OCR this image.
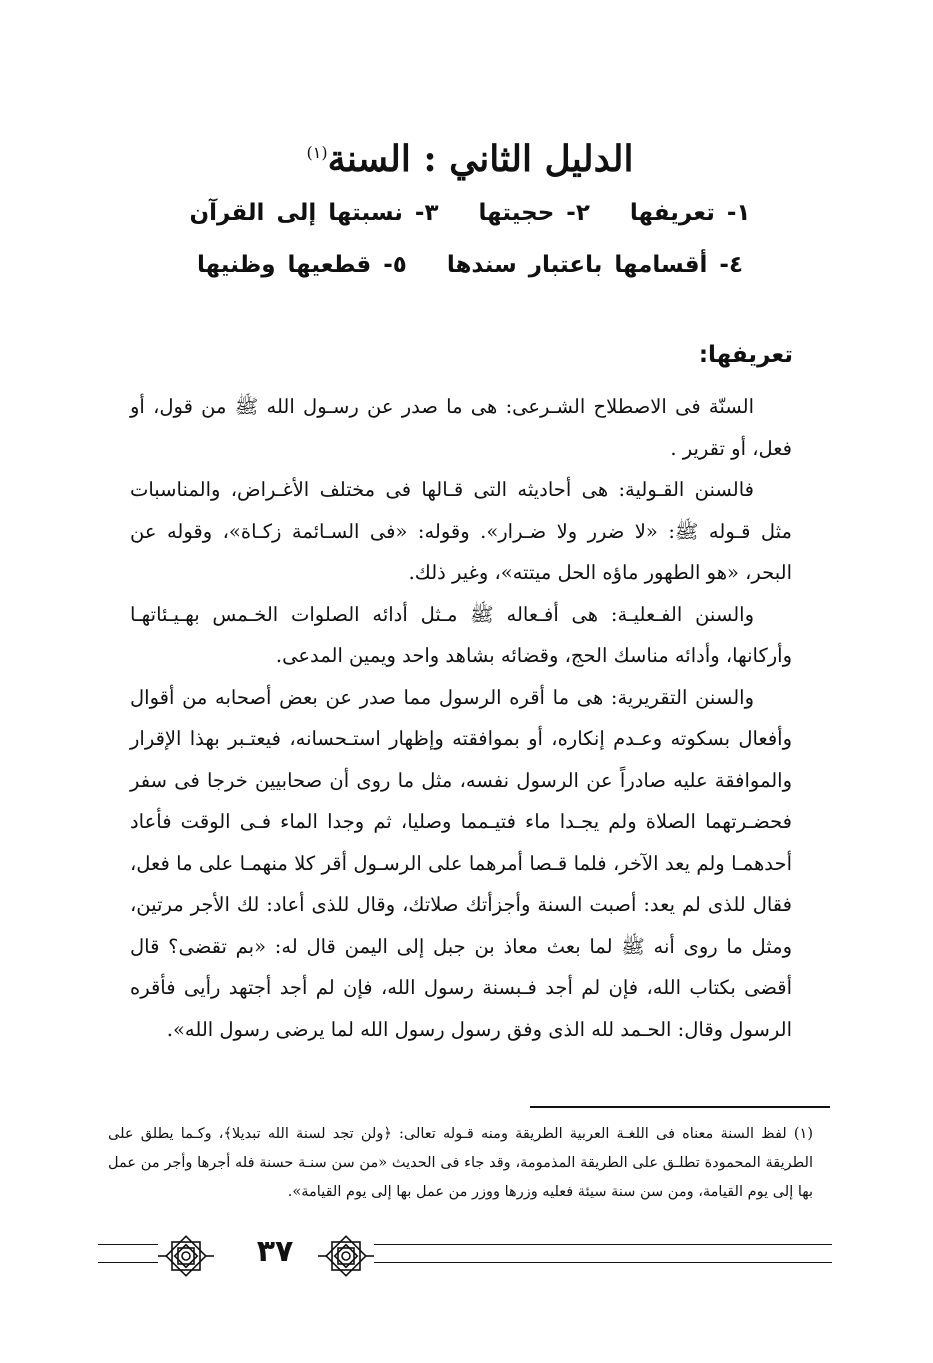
الدليل الثاني : السنة$^{(١)}$
١- تعريفها ٢- حجيتها ٣- نسبتها إلى القرآن
٤- أقسامها باعتبار سندها ٥- قطعيها وظنيها
تعريفها:

السنّة فى الاصطلاح الشـرعى: هى ما صدر عن رسـول الله ﷺ من قول، أو فعل، أو تقرير .

فالسنن القـولية: هى أحاديثه التى قـالها فى مختلف الأغـراض، والمناسبات مثل قـوله ﷺ: «لا ضرر ولا ضـرار». وقوله: «فى السـائمة زكـاة»، وقوله عن البحر، «هو الطهور ماؤه الحل ميتته»، وغير ذلك.

والسنن الفـعليـة: هى أفـعاله ﷺ مـثل أدائه الصلوات الخـمس بهـيـئاتهـا وأركانها، وأدائه مناسك الحج، وقضائه بشاهد واحد ويمين المدعى.

والسنن التقريرية: هى ما أقره الرسول مما صدر عن بعض أصحابه من أقوال وأفعال بسكوته وعـدم إنكاره، أو بموافقته وإظهار استـحسانه، فيعتـبر بهذا الإقرار والموافقة عليه صادراً عن الرسول نفسه، مثل ما روى أن صحابيين خرجا فى سفر فحضـرتهما الصلاة ولم يجـدا ماء فتيـمما وصليا، ثم وجدا الماء فـى الوقت فأعاد أحدهمـا ولم يعد الآخر، فلما قـصا أمرهما على الرسـول أقر كلا منهمـا على ما فعل، فقال للذى لم يعد: أصبت السنة وأجزأتك صلاتك، وقال للذى أعاد: لك الأجر مرتين، ومثل ما روى أنه ﷺ لما بعث معاذ بن جبل إلى اليمن قال له: «بم تقضى؟ قال أقضى بكتاب الله، فإن لم أجد فـبسنة رسول الله، فإن لم أجد أجتهد رأيى فأقره الرسول وقال: الحـمد لله الذى وفق رسول رسول الله لما يرضى رسول الله».

(١) لفظ السنة معناه فى اللغـة العربية الطريقة ومنه قـوله تعالى: ﴿ولن تجد لسنة الله تبديلا﴾، وكـما يطلق على الطريقة المحمودة تطلـق على الطريقة المذمومة، وقد جاء فى الحديث «من سن سنـة حسنة فله أجرها وأجر من عمل بها إلى يوم القيامة، ومن سن سنة سيئة فعليه وزرها ووزر من عمل بها إلى يوم القيامة».
٣٧
